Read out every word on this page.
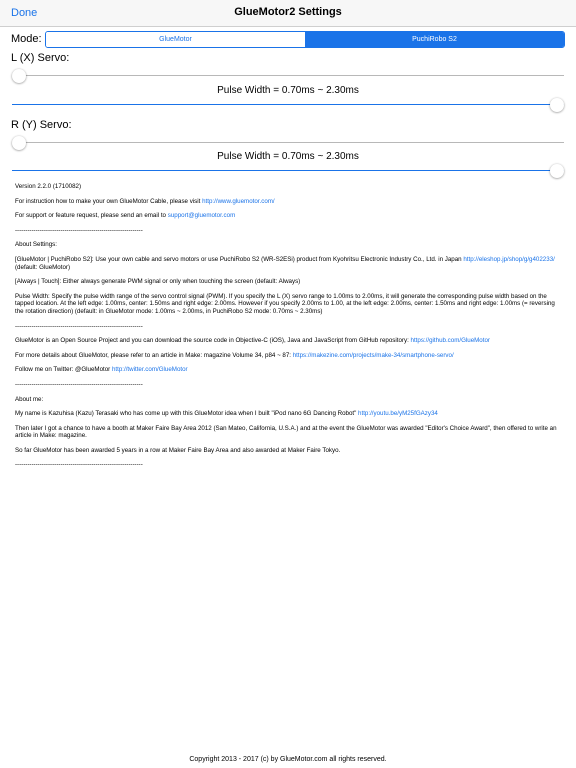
Done	GlueMotor2 Settings
Mode:	GlueMotor	PuchiRobo S2
L (X) Servo:
Pulse Width = 0.70ms ~ 2.30ms
R (Y) Servo:
Pulse Width = 0.70ms ~ 2.30ms

Version 2.2.0 (1710082)

For instruction how to make your own GlueMotor Cable, please visit http://www.gluemotor.com/

For support or feature request, please send an email to support@gluemotor.com

--------------------------------------------------------------

About Settings:

[GlueMotor | PuchiRobo S2]: Use your own cable and servo motors or use PuchiRobo S2 (WR-S2ESi) product from Kyohritsu Electronic Industry Co., Ltd. in Japan http://eleshop.jp/shop/g/g402233/ (default: GlueMotor)

[Always | Touch]: Either always generate PWM signal or only when touching the screen (default: Always)

Pulse Width: Specify the pulse width range of the servo control signal (PWM). If you specify the L (X) servo range to 1.00ms to 2.00ms, it will generate the corresponding pulse width based on the tapped location. At the left edge: 1.00ms, center: 1.50ms and right edge: 2.00ms. However if you specify 2.00ms to 1.00, at the left edge: 2.00ms, center: 1.50ms and right edge: 1.00ms (= reversing the rotation direction) (default: in GlueMotor mode: 1.00ms ~ 2.00ms, in PuchiRobo S2 mode: 0.70ms ~ 2.30ms)

--------------------------------------------------------------

GlueMotor is an Open Source Project and you can download the source code in Objective-C (iOS), Java and JavaScript from GitHub repository: https://github.com/GlueMotor

For more details about GlueMotor, please refer to an article in Make: magazine Volume 34, p84 ~ 87: https://makezine.com/projects/make-34/smartphone-servo/

Follow me on Twitter: @GlueMotor http://twitter.com/GlueMotor

--------------------------------------------------------------

About me:

My name is Kazuhisa (Kazu) Terasaki who has come up with this GlueMotor idea when I built "iPod nano 6G Dancing Robot" http://youtu.be/yM25fGAzy34

Then later I got a chance to have a booth at Maker Faire Bay Area 2012 (San Mateo, California, U.S.A.) and at the event the GlueMotor was awarded "Editor's Choice Award", then offered to write an article in Make: magazine.

So far GlueMotor has been awarded 5 years in a row at Maker Faire Bay Area and also awarded at Maker Faire Tokyo.

--------------------------------------------------------------

Copyright 2013 - 2017 (c) by GlueMotor.com all rights reserved.
